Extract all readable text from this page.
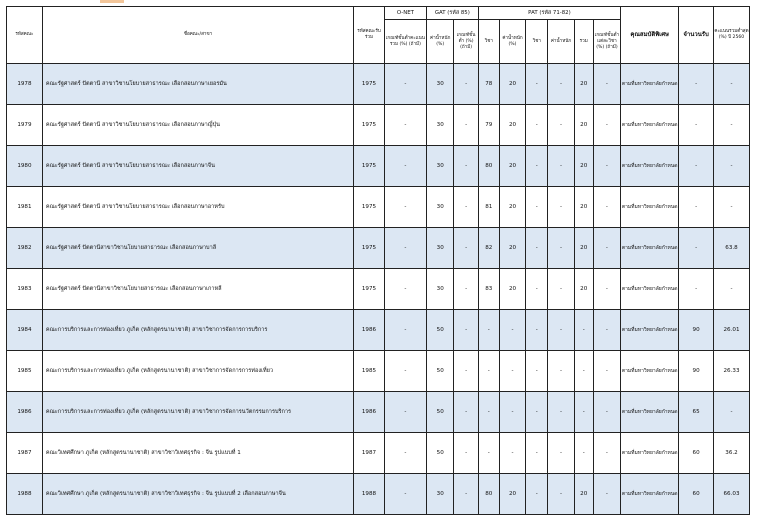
รหัสคณะ	ชื่อคณะ/สาขา	รหัสคณะรับร่วม	O-NET	GAT (รหัส 85)		PAT (รหัส 71-82)						คุณสมบัติพิเศษ	จำนวนรับ	คะแนนรวมต่ำสุด (%) ปี 2560
			เกณฑ์ขั้นต่ำคะแนนรวม (%) (ถ้ามี)	ค่าน้ำหนัก (%)	เกณฑ์ขั้นต่ำ (%) (ถ้ามี)	วิชา	ค่าน้ำหนัก (%)	วิชา	ค่าน้ำหนัก	รวม	เกณฑ์ขั้นต่ำแต่ละวิชา (%) (ถ้ามี)			
1978	คณะรัฐศาสตร์ ปัตตานี สาขาวิชานโยบายสาธารณะ เลือกสอบภาษาเยอรมัน	1975	-	30	-	78	20	-	-	20	-	ตามที่มหาวิทยาลัยกำหนด	-	-
1979	คณะรัฐศาสตร์ ปัตตานี สาขาวิชานโยบายสาธารณะ เลือกสอบภาษาญี่ปุ่น	1975	-	30	-	79	20	-	-	20	-	ตามที่มหาวิทยาลัยกำหนด	-	-
1980	คณะรัฐศาสตร์ ปัตตานี สาขาวิชานโยบายสาธารณะ เลือกสอบภาษาจีน	1975	-	30	-	80	20	-	-	20	-	ตามที่มหาวิทยาลัยกำหนด	-	-
1981	คณะรัฐศาสตร์ ปัตตานี สาขาวิชานโยบายสาธารณะ เลือกสอบภาษาอาหรับ	1975	-	30	-	81	20	-	-	20	-	ตามที่มหาวิทยาลัยกำหนด	-	-
1982	คณะรัฐศาสตร์ ปัตตานีสาขาวิชานโยบายสาธารณะ เลือกสอบภาษาบาลี	1975	-	30	-	82	20	-	-	20	-	ตามที่มหาวิทยาลัยกำหนด	-	63.8
1983	คณะรัฐศาสตร์ ปัตตานีสาขาวิชานโยบายสาธารณะ เลือกสอบภาษาเกาหลี	1975	-	30	-	83	20	-	-	20	-	ตามที่มหาวิทยาลัยกำหนด	-	-
1984	คณะการบริการและการท่องเที่ยว ภูเก็ต (หลักสูตรนานาชาติ) สาขาวิชาการจัดการการบริการ	1986	-	50	-	-	-	-	-	-	-	ตามที่มหาวิทยาลัยกำหนด	90	26.01
1985	คณะการบริการและการท่องเที่ยว ภูเก็ต (หลักสูตรนานาชาติ) สาขาวิชาการจัดการการท่องเที่ยว	1985	-	50	-	-	-	-	-	-	-	ตามที่มหาวิทยาลัยกำหนด	90	26.33
1986	คณะการบริการและการท่องเที่ยว ภูเก็ต (หลักสูตรนานาชาติ) สาขาวิชาการจัดการนวัตกรรมการบริการ	1986	-	50	-	-	-	-	-	-	-	ตามที่มหาวิทยาลัยกำหนด	65	-
1987	คณะวิเทศศึกษา ภูเก็ต (หลักสูตรนานาชาติ) สาขาวิชาวิเทศธุรกิจ : จีน รูปแบบที่ 1	1987	-	50	-	-	-	-	-	-	-	ตามที่มหาวิทยาลัยกำหนด	60	36.2
1988	คณะวิเทศศึกษา ภูเก็ต (หลักสูตรนานาชาติ) สาขาวิชาวิเทศธุรกิจ : จีน รูปแบบที่ 2 เลือกสอบภาษาจีน	1988	-	30	-	80	20	-	-	20	-	ตามที่มหาวิทยาลัยกำหนด	60	66.03
